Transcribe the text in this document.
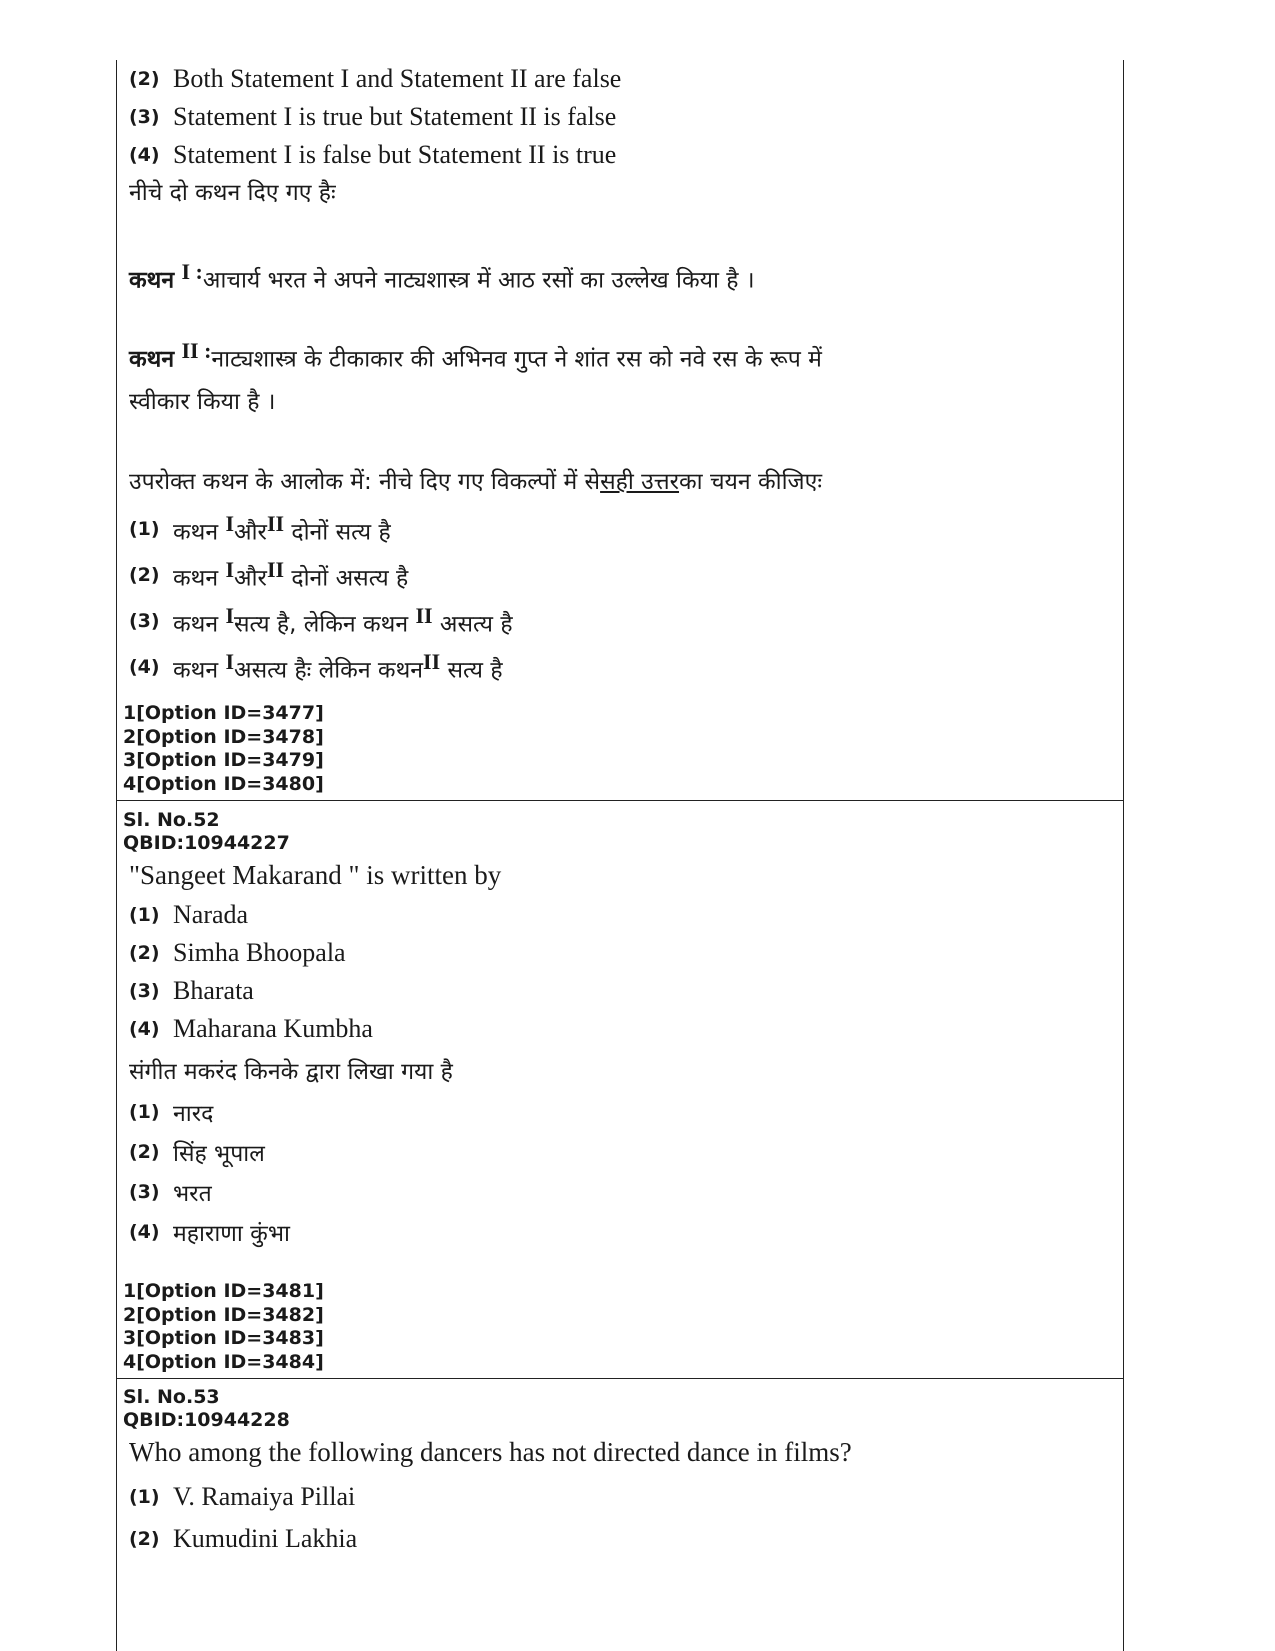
(2) Both Statement I and Statement II are false
(3) Statement I is true but Statement II is false
(4) Statement I is false but Statement II is true
नीचे दो कथन दिए गए हैः
कथन $^{I :}$आचार्य भरत ने अपने नाट्यशास्त्र में आठ रसों का उल्लेख किया है ।
कथन $^{II :}$नाट्यशास्त्र के टीकाकार की अभिनव गुप्त ने शांत रस को नवे रस के रूप में
स्वीकार किया है ।
उपरोक्त कथन के आलोक में: नीचे दिए गए विकल्पों में सेसही उत्तरका चयन कीजिएः
(1) कथन $^I$और$^{II}$ दोनों सत्य है
(2) कथन $^I$और$^{II}$ दोनों असत्य है
(3) कथन $^I$सत्य है, लेकिन कथन $^{II}$ असत्य है
(4) कथन $^I$असत्य हैः लेकिन कथन$^{II}$ सत्य है
1[Option ID=3477]
2[Option ID=3478]
3[Option ID=3479]
4[Option ID=3480]
Sl. No.52
QBID:10944227
"Sangeet Makarand " is written by
(1) Narada
(2) Simha Bhoopala
(3) Bharata
(4) Maharana Kumbha
संगीत मकरंद किनके द्वारा लिखा गया है
(1) नारद
(2) सिंह भूपाल
(3) भरत
(4) महाराणा कुंभा
1[Option ID=3481]
2[Option ID=3482]
3[Option ID=3483]
4[Option ID=3484]
Sl. No.53
QBID:10944228
Who among the following dancers has not directed dance in films?
(1) V. Ramaiya Pillai
(2) Kumudini Lakhia
